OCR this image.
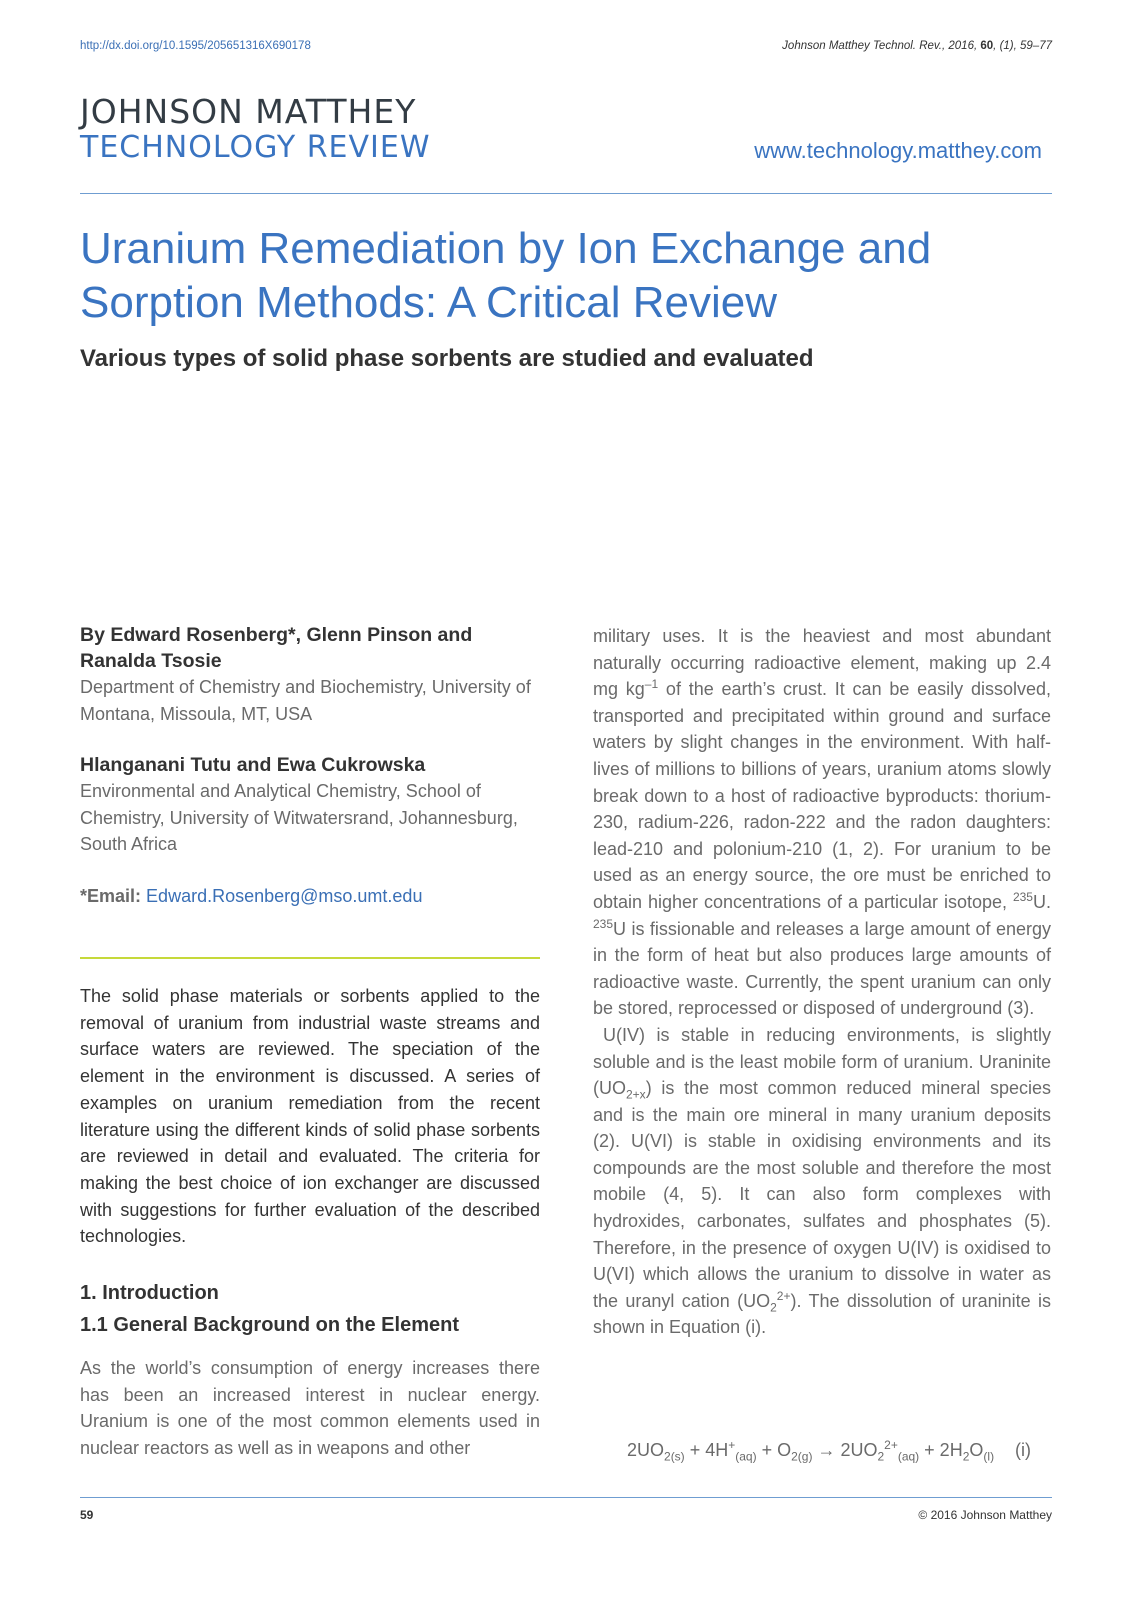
http://dx.doi.org/10.1595/205651316X690178	Johnson Matthey Technol. Rev., 2016, 60, (1), 59–77
JOHNSON MATTHEY
TECHNOLOGY REVIEW	www.technology.matthey.com
Uranium Remediation by Ion Exchange and Sorption Methods: A Critical Review
Various types of solid phase sorbents are studied and evaluated
By Edward Rosenberg*, Glenn Pinson and Ranalda Tsosie
Department of Chemistry and Biochemistry, University of Montana, Missoula, MT, USA
Hlanganani Tutu and Ewa Cukrowska
Environmental and Analytical Chemistry, School of Chemistry, University of Witwatersrand, Johannesburg, South Africa
*Email: Edward.Rosenberg@mso.umt.edu
The solid phase materials or sorbents applied to the removal of uranium from industrial waste streams and surface waters are reviewed. The speciation of the element in the environment is discussed. A series of examples on uranium remediation from the recent literature using the different kinds of solid phase sorbents are reviewed in detail and evaluated. The criteria for making the best choice of ion exchanger are discussed with suggestions for further evaluation of the described technologies.
1. Introduction
1.1 General Background on the Element
As the world’s consumption of energy increases there has been an increased interest in nuclear energy. Uranium is one of the most common elements used in nuclear reactors as well as in weapons and other

military uses. It is the heaviest and most abundant naturally occurring radioactive element, making up 2.4 mg $kg^{-1}$ of the earth’s crust. It can be easily dissolved, transported and precipitated within ground and surface waters by slight changes in the environment. With half-lives of millions to billions of years, uranium atoms slowly break down to a host of radioactive byproducts: thorium-230, radium-226, radon-222 and the radon daughters: lead-210 and polonium-210 (1, 2). For uranium to be used as an energy source, the ore must be enriched to obtain higher concentrations of a particular isotope, $^{235}$U. $^{235}$U is fissionable and releases a large amount of energy in the form of heat but also produces large amounts of radioactive waste. Currently, the spent uranium can only be stored, reprocessed or disposed of underground (3).

U(IV) is stable in reducing environments, is slightly soluble and is the least mobile form of uranium. Uraninite $(UO_{2+x})$ is the most common reduced mineral species and is the main ore mineral in many uranium deposits (2). U(VI) is stable in oxidising environments and its compounds are the most soluble and therefore the most mobile (4, 5). It can also form complexes with hydroxides, carbonates, sulfates and phosphates (5). Therefore, in the presence of oxygen U(IV) is oxidised to U(VI) which allows the uranium to dissolve in water as the uranyl cation $(UO_2^{2+})$. The dissolution of uraninite is shown in Equation (i).

$2UO_{2(s)} + 4H^+_{(aq)} + O_{2(g)} \to 2UO_2^{2+}_{(aq)} + 2H_2O_{(l)}$ (i)
59	© 2016 Johnson Matthey
